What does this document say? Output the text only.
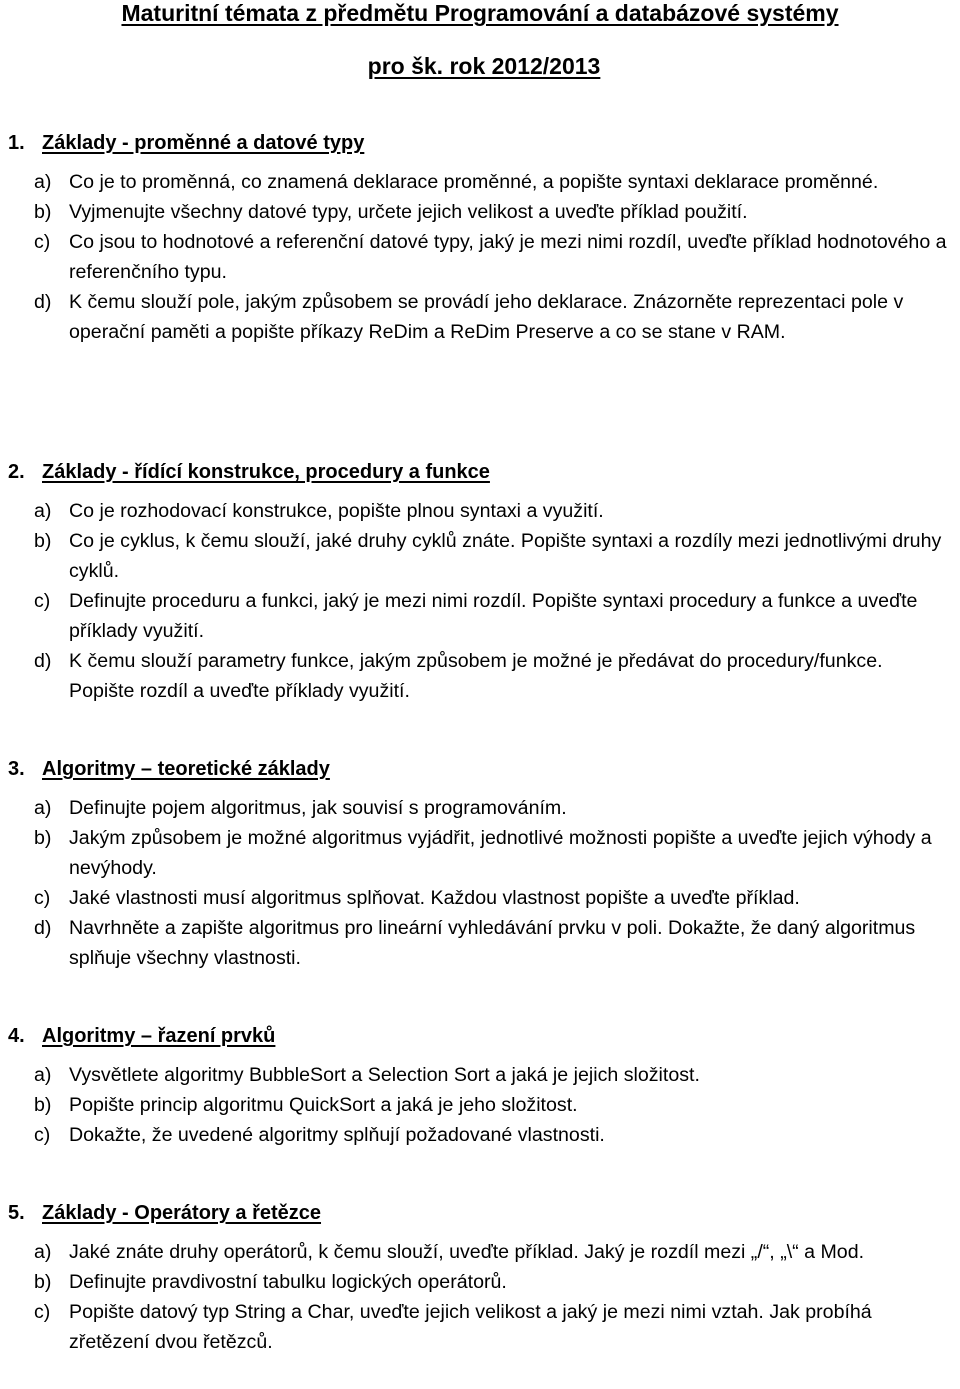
Maturitní témata z předmětu Programování a databázové systémy
pro šk. rok 2012/2013
1. Základy - proměnné a datové typy
a) Co je to proměnná, co znamená deklarace proměnné, a popište syntaxi deklarace proměnné.
b) Vyjmenujte všechny datové typy, určete jejich velikost a uveďte příklad použití.
c) Co jsou to hodnotové a referenční datové typy, jaký je mezi nimi rozdíl, uveďte příklad hodnotového a referenčního typu.
d) K čemu slouží pole, jakým způsobem se provádí jeho deklarace. Znázorněte reprezentaci pole v operační paměti a popište příkazy ReDim a ReDim Preserve a co se stane v RAM.
2. Základy - řídící konstrukce, procedury a funkce
a) Co je rozhodovací konstrukce, popište plnou syntaxi a využití.
b) Co je cyklus, k čemu slouží, jaké druhy cyklů znáte. Popište syntaxi a rozdíly mezi jednotlivými druhy cyklů.
c) Definujte proceduru a funkci, jaký je mezi nimi rozdíl. Popište syntaxi procedury a funkce a uveďte příklady využití.
d) K čemu slouží parametry funkce, jakým způsobem je možné je předávat do procedury/funkce. Popište rozdíl a uveďte příklady využití.
3. Algoritmy – teoretické základy
a) Definujte pojem algoritmus, jak souvisí s programováním.
b) Jakým způsobem je možné algoritmus vyjádřit, jednotlivé možnosti popište a uveďte jejich výhody a nevýhody.
c) Jaké vlastnosti musí algoritmus splňovat. Každou vlastnost popište a uveďte příklad.
d) Navrhněte a zapište algoritmus pro lineární vyhledávání prvku v poli. Dokažte, že daný algoritmus splňuje všechny vlastnosti.
4. Algoritmy – řazení prvků
a) Vysvětlete algoritmy BubbleSort a Selection Sort a jaká je jejich složitost.
b) Popište princip algoritmu QuickSort a jaká je jeho složitost.
c) Dokažte, že uvedené algoritmy splňují požadované vlastnosti.
5. Základy - Operátory a řetězce
a) Jaké znáte druhy operátorů, k čemu slouží, uveďte příklad. Jaký je rozdíl mezi „/“, „\“ a Mod.
b) Definujte pravdivostní tabulku logických operátorů.
c) Popište datový typ String a Char, uveďte jejich velikost a jaký je mezi nimi vztah. Jak probíhá zřetězení dvou řetězců.
